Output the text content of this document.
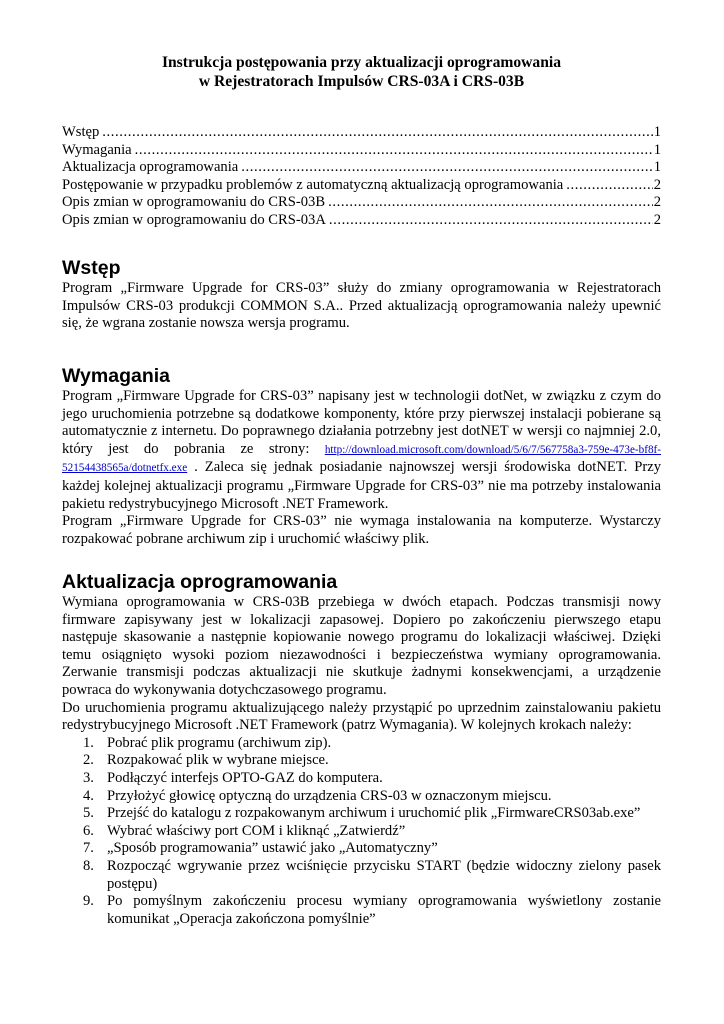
Instrukcja postępowania przy aktualizacji oprogramowania
w Rejestratorach Impulsów CRS-03A i CRS-03B
Wstęp .....	1
Wymagania .....	1
Aktualizacja oprogramowania .....	1
Postępowanie w przypadku problemów z automatyczną aktualizacją oprogramowania .....	2
Opis zmian w oprogramowaniu do CRS-03B .....	2
Opis zmian w oprogramowaniu do CRS-03A .....	2
Wstęp

Program „Firmware Upgrade for CRS-03” służy do zmiany oprogramowania w Rejestratorach Impulsów CRS-03 produkcji COMMON S.A.. Przed aktualizacją oprogramowania należy upewnić się, że wgrana zostanie nowsza wersja programu.

Wymagania

Program „Firmware Upgrade for CRS-03” napisany jest w technologii dotNet, w związku z czym do jego uruchomienia potrzebne są dodatkowe komponenty, które przy pierwszej instalacji pobierane są automatycznie z internetu. Do poprawnego działania potrzebny jest dotNET w wersji co najmniej 2.0, który jest do pobrania ze strony: http://download.microsoft.com/download/5/6/7/567758a3-759e-473e-bf8f-52154438565a/dotnetfx.exe . Zaleca się jednak posiadanie najnowszej wersji środowiska dotNET. Przy każdej kolejnej aktualizacji programu „Firmware Upgrade for CRS-03” nie ma potrzeby instalowania pakietu redystrybucyjnego Microsoft .NET Framework.

Program „Firmware Upgrade for CRS-03” nie wymaga instalowania na komputerze. Wystarczy rozpakować pobrane archiwum zip i uruchomić właściwy plik.

Aktualizacja oprogramowania

Wymiana oprogramowania w CRS-03B przebiega w dwóch etapach. Podczas transmisji nowy firmware zapisywany jest w lokalizacji zapasowej. Dopiero po zakończeniu pierwszego etapu następuje skasowanie a następnie kopiowanie nowego programu do lokalizacji właściwej. Dzięki temu osiągnięto wysoki poziom niezawodności i bezpieczeństwa wymiany oprogramowania. Zerwanie transmisji podczas aktualizacji nie skutkuje żadnymi konsekwencjami, a urządzenie powraca do wykonywania dotychczasowego programu.

Do uruchomienia programu aktualizującego należy przystąpić po uprzednim zainstalowaniu pakietu redystrybucyjnego Microsoft .NET Framework (patrz Wymagania). W kolejnych krokach należy:

1. Pobrać plik programu (archiwum zip).
2. Rozpakować plik w wybrane miejsce.
3. Podłączyć interfejs OPTO-GAZ do komputera.
4. Przyłożyć głowicę optyczną do urządzenia CRS-03 w oznaczonym miejscu.
5. Przejść do katalogu z rozpakowanym archiwum i uruchomić plik „FirmwareCRS03ab.exe”
6. Wybrać właściwy port COM i kliknąć „Zatwierdź”
7. „Sposób programowania” ustawić jako „Automatyczny”
8. Rozpocząć wgrywanie przez wciśnięcie przycisku START (będzie widoczny zielony pasek postępu)
9. Po pomyślnym zakończeniu procesu wymiany oprogramowania wyświetlony zostanie komunikat „Operacja zakończona pomyślnie”
